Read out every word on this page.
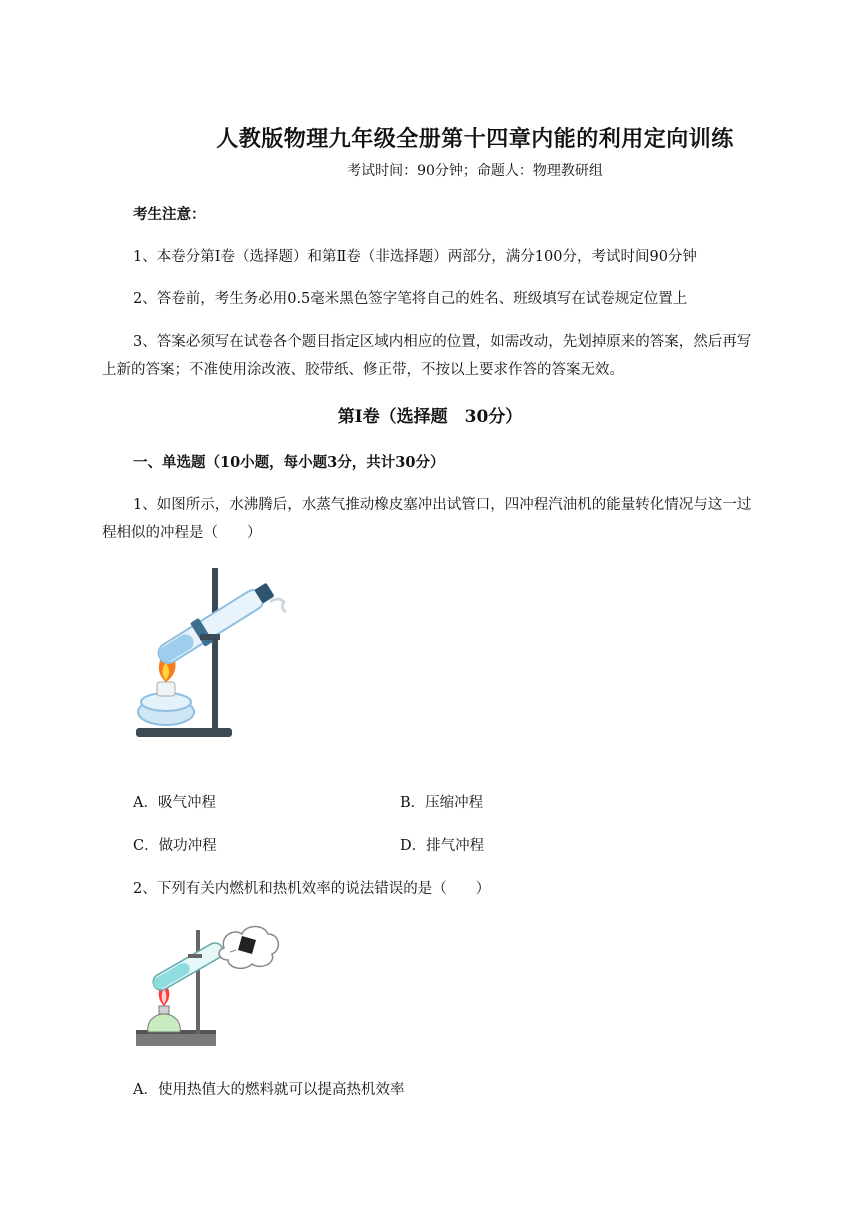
人教版物理九年级全册第十四章内能的利用定向训练
考试时间：90分钟；命题人：物理教研组
考生注意：
1、本卷分第Ⅰ卷（选择题）和第Ⅱ卷（非选择题）两部分，满分100分，考试时间90分钟
2、答卷前，考生务必用0.5毫米黑色签字笔将自己的姓名、班级填写在试卷规定位置上
3、答案必须写在试卷各个题目指定区域内相应的位置，如需改动，先划掉原来的答案，然后再写
上新的答案；不准使用涂改液、胶带纸、修正带，不按以上要求作答的答案无效。
第Ⅰ卷（选择题　30分）
一、单选题（10小题，每小题3分，共计30分）
1、如图所示，水沸腾后，水蒸气推动橡皮塞冲出试管口，四冲程汽油机的能量转化情况与这一过
程相似的冲程是（　　）
A．吸气冲程	B．压缩冲程
C．做功冲程	D．排气冲程
2、下列有关内燃机和热机效率的说法错误的是（　　）
A．使用热值大的燃料就可以提高热机效率
